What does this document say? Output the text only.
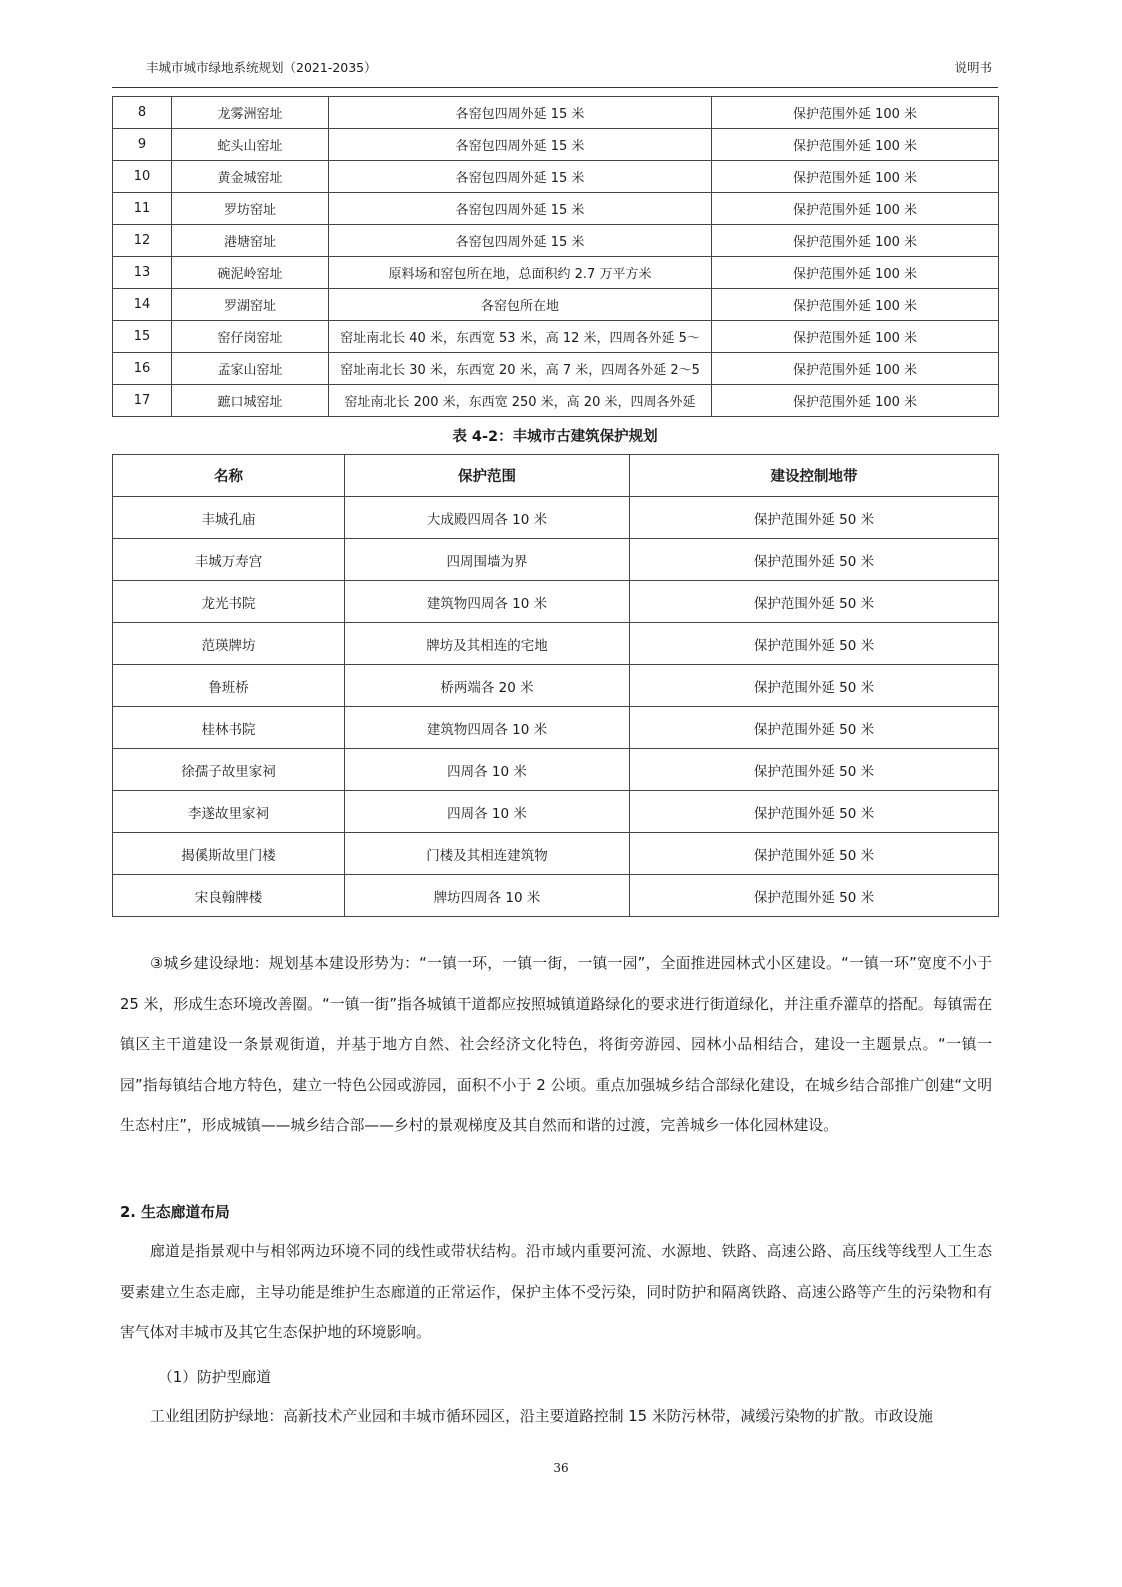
丰城市城市绿地系统规划（2021-2035）	说明书
8	龙雾洲窑址	各窑包四周外延 15 米	保护范围外延 100 米
9	蛇头山窑址	各窑包四周外延 15 米	保护范围外延 100 米
10	黄金城窑址	各窑包四周外延 15 米	保护范围外延 100 米
11	罗坊窑址	各窑包四周外延 15 米	保护范围外延 100 米
12	港塘窑址	各窑包四周外延 15 米	保护范围外延 100 米
13	碗泥岭窑址	原料场和窑包所在地，总面积约 2.7 万平方米	保护范围外延 100 米
14	罗湖窑址	各窑包所在地	保护范围外延 100 米
15	窑仔岗窑址	窑址南北长 40 米，东西宽 53 米，高 12 米，四周各外延 5～	保护范围外延 100 米
16	孟家山窑址	窑址南北长 30 米，东西宽 20 米，高 7 米，四周各外延 2～5	保护范围外延 100 米
17	蹠口城窑址	窑址南北长 200 米，东西宽 250 米，高 20 米，四周各外延	保护范围外延 100 米
表 4-2：丰城市古建筑保护规划
名称	保护范围	建设控制地带
丰城孔庙	大成殿四周各 10 米	保护范围外延 50 米
丰城万寿宫	四周围墙为界	保护范围外延 50 米
龙光书院	建筑物四周各 10 米	保护范围外延 50 米
范瑛牌坊	牌坊及其相连的宅地	保护范围外延 50 米
鲁班桥	桥两端各 20 米	保护范围外延 50 米
桂林书院	建筑物四周各 10 米	保护范围外延 50 米
徐孺子故里家祠	四周各 10 米	保护范围外延 50 米
李遂故里家祠	四周各 10 米	保护范围外延 50 米
揭傒斯故里门楼	门楼及其相连建筑物	保护范围外延 50 米
宋良翰牌楼	牌坊四周各 10 米	保护范围外延 50 米

③城乡建设绿地：规划基本建设形势为：“一镇一环，一镇一街，一镇一园”，全面推进园林式小区建设。“一镇一环”宽度不小于 25 米，形成生态环境改善圈。“一镇一街”指各城镇干道都应按照城镇道路绿化的要求进行街道绿化，并注重乔灌草的搭配。每镇需在镇区主干道建设一条景观街道，并基于地方自然、社会经济文化特色，将街旁游园、园林小品相结合，建设一主题景点。“一镇一园”指每镇结合地方特色，建立一特色公园或游园，面积不小于 2 公顷。重点加强城乡结合部绿化建设，在城乡结合部推广创建“文明生态村庄”，形成城镇——城乡结合部——乡村的景观梯度及其自然而和谐的过渡，完善城乡一体化园林建设。

2. 生态廊道布局

廊道是指景观中与相邻两边环境不同的线性或带状结构。沿市域内重要河流、水源地、铁路、高速公路、高压线等线型人工生态要素建立生态走廊，主导功能是维护生态廊道的正常运作，保护主体不受污染，同时防护和隔离铁路、高速公路等产生的污染物和有害气体对丰城市及其它生态保护地的环境影响。

（1）防护型廊道

工业组团防护绿地：高新技术产业园和丰城市循环园区，沿主要道路控制 15 米防污林带，减缓污染物的扩散。市政设施

36
